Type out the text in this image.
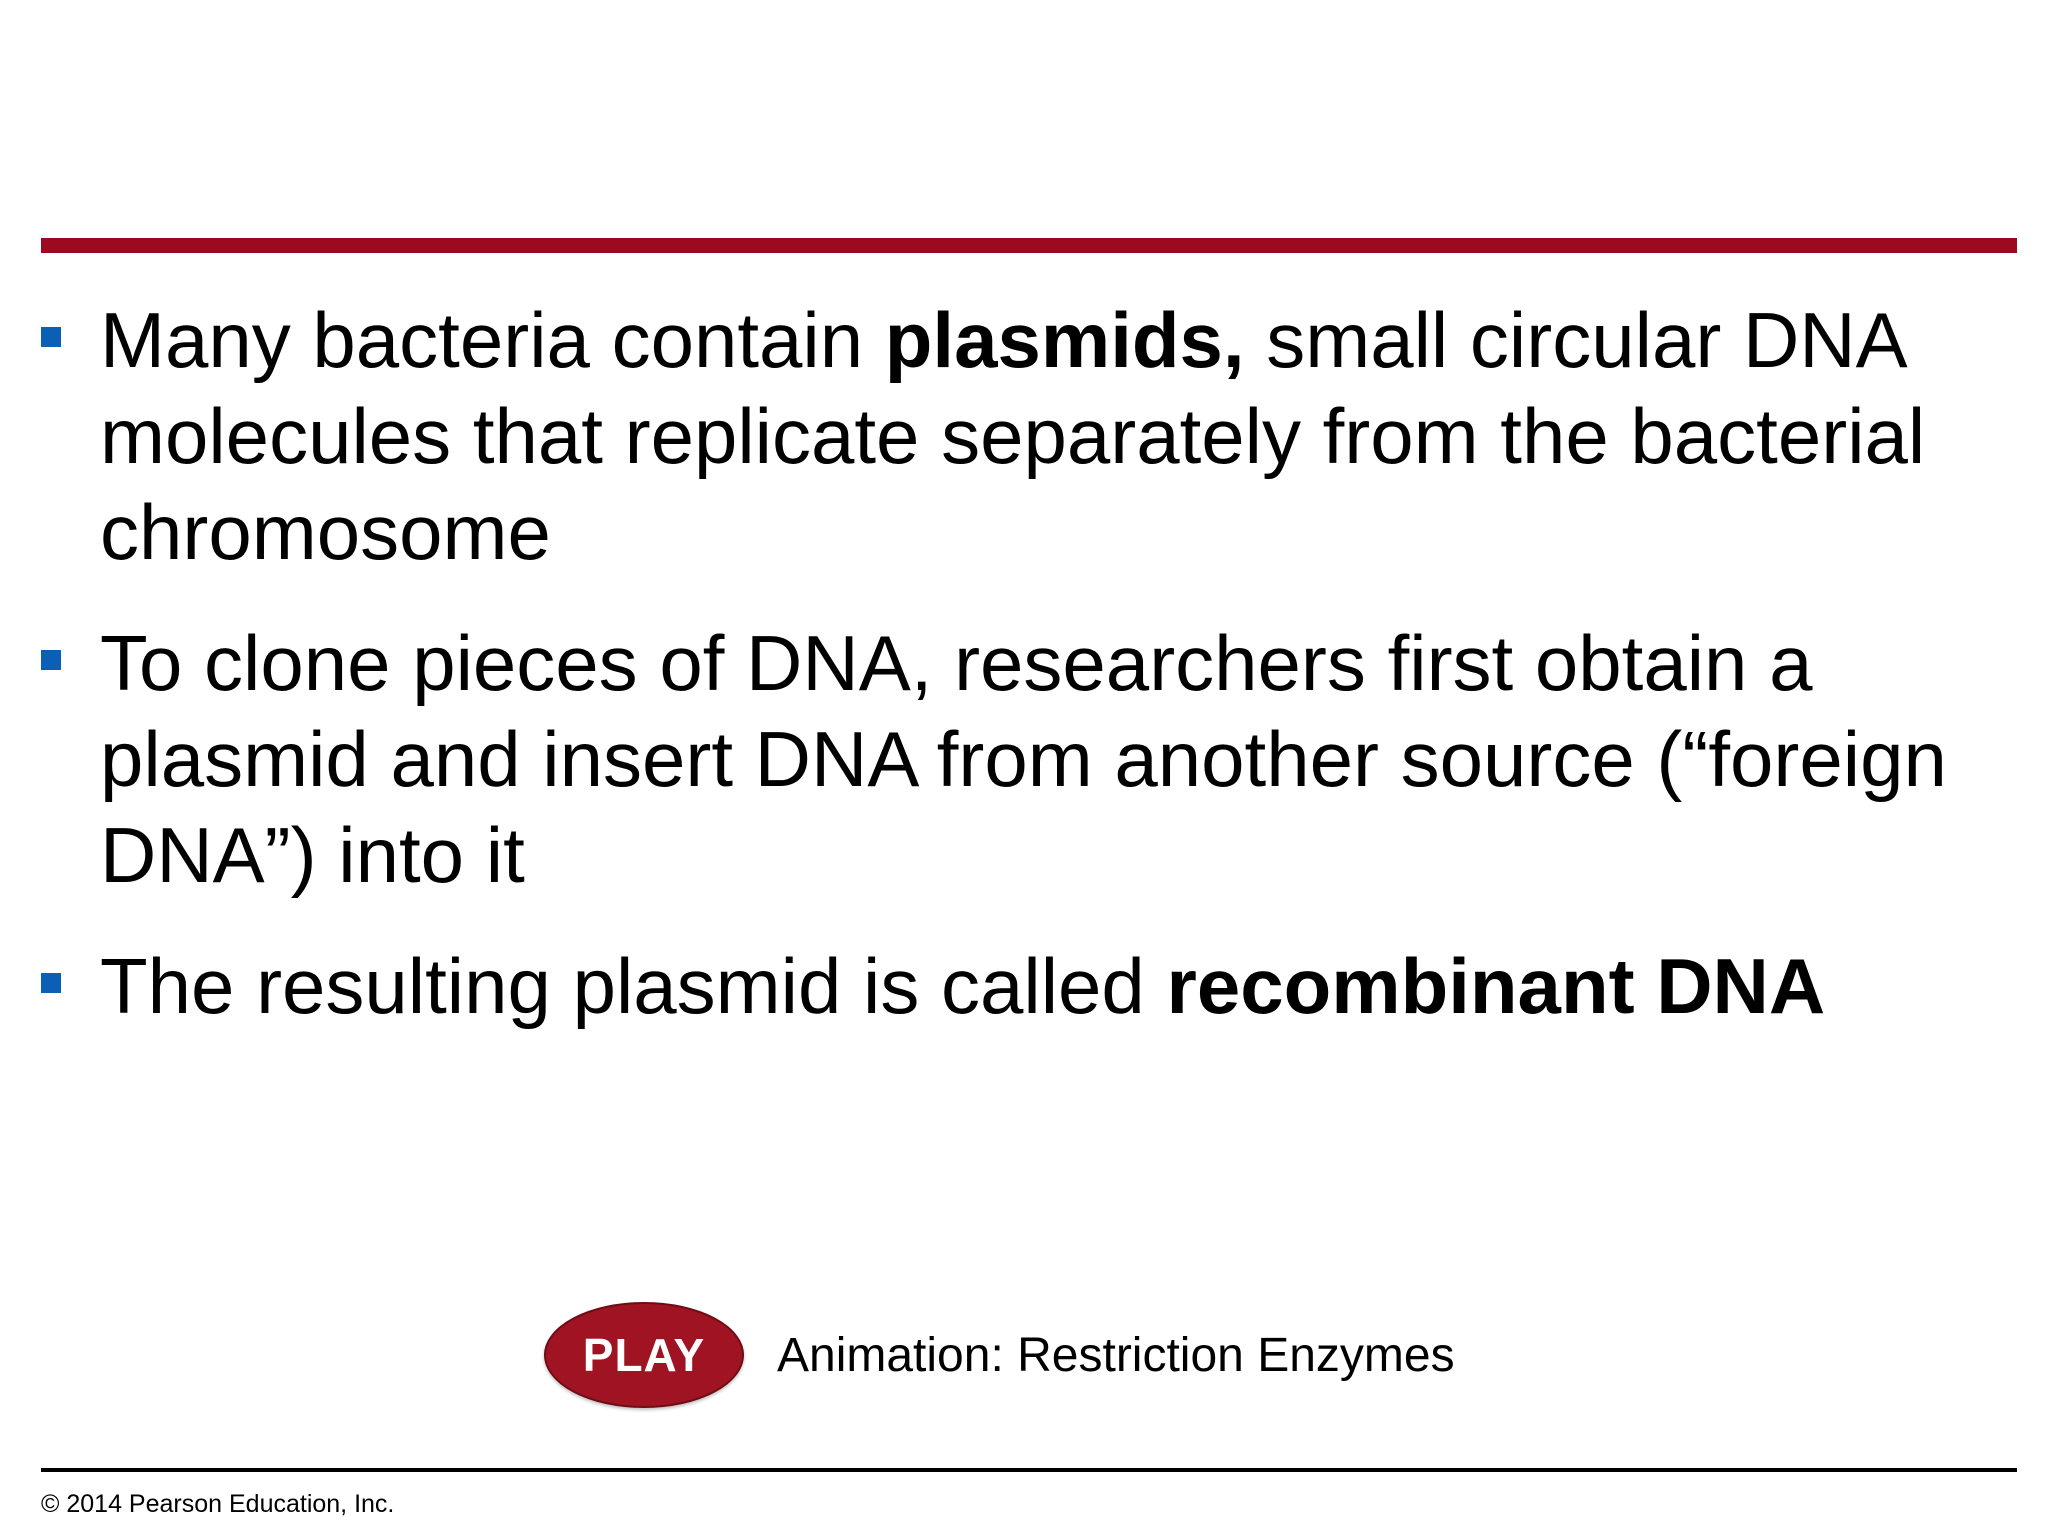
Many bacteria contain plasmids, small circular DNA molecules that replicate separately from the bacterial chromosome
To clone pieces of DNA, researchers first obtain a plasmid and insert DNA from another source (“foreign DNA”) into it
The resulting plasmid is called recombinant DNA
PLAY Animation: Restriction Enzymes
© 2014 Pearson Education, Inc.
